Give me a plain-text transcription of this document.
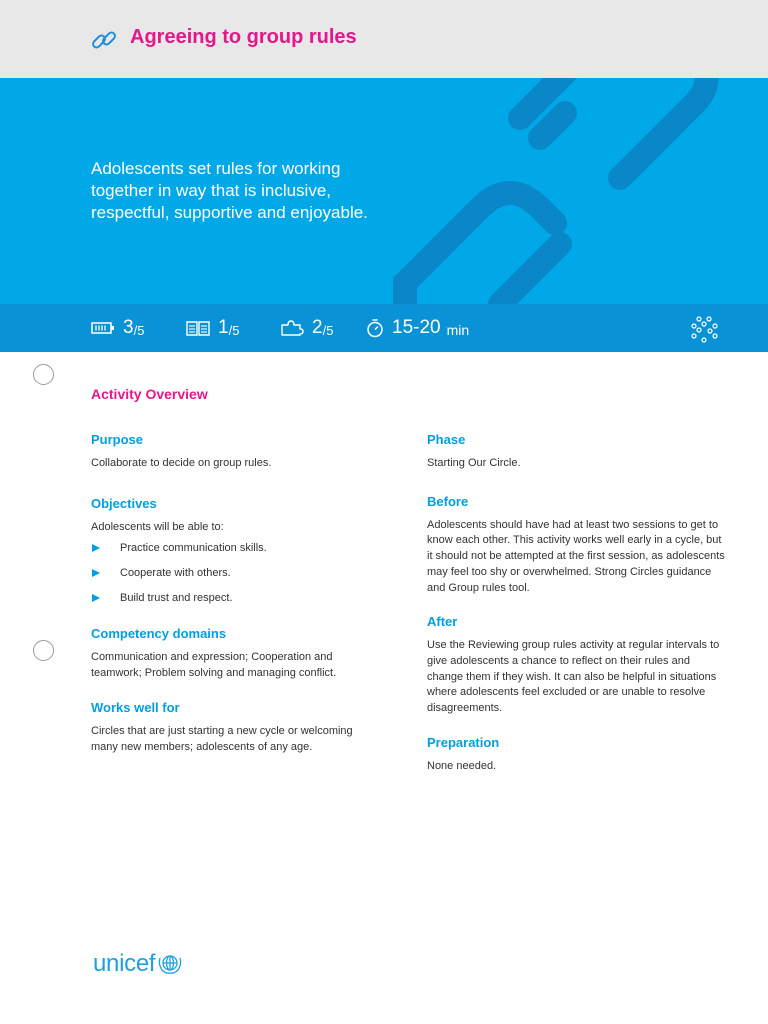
Agreeing to group rules
Adolescents set rules for working together in way that is inclusive, respectful, supportive and enjoyable.
3 /5	1 /5	2 /5	15-20 min
Activity Overview
Purpose

Collaborate to decide on group rules.

Objectives

Adolescents will be able to:

Practice communication skills.
Cooperate with others.
Build trust and respect.
Competency domains

Communication and expression; Cooperation and teamwork; Problem solving and managing conflict.

Works well for

Circles that are just starting a new cycle or welcoming many new members; adolescents of any age.

Phase

Starting Our Circle.

Before

Adolescents should have had at least two sessions to get to know each other. This activity works well early in a cycle, but it should not be attempted at the first session, as adolescents may feel too shy or overwhelmed. Strong Circles guidance and Group rules tool.

After

Use the Reviewing group rules activity at regular intervals to give adolescents a chance to reflect on their rules and change them if they wish. It can also be helpful in situations where adolescents feel excluded or are unable to resolve disagreements.

Preparation

None needed.

unicef
